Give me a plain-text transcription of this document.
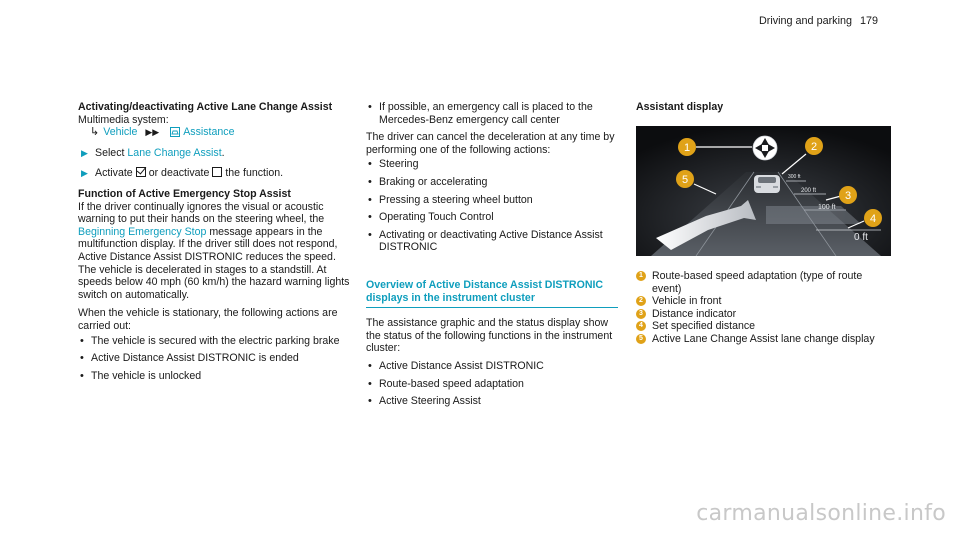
Driving and parking 179

Activating/deactivating Active Lane Change Assist

Multimedia system:

↳ Vehicle ▶▶ Assistance

▶ Select Lane Change Assist.
▶ Activate or deactivate the function.

Function of Active Emergency Stop Assist

If the driver continually ignores the visual or acoustic warning to put their hands on the steering wheel, the Beginning Emergency Stop message appears in the multifunction display. If the driver still does not respond, Active Distance Assist DISTRONIC reduces the speed. The vehicle is decelerated in stages to a standstill. At speeds below 40 mph (60 km/h) the hazard warning lights switch on automatically.

When the vehicle is stationary, the following actions are carried out:

• The vehicle is secured with the electric parking brake
• Active Distance Assist DISTRONIC is ended
• The vehicle is unlocked
• If possible, an emergency call is placed to the Mercedes-Benz emergency call center

The driver can cancel the deceleration at any time by performing one of the following actions:

• Steering
• Braking or accelerating
• Pressing a steering wheel button
• Operating Touch Control
• Activating or deactivating Active Distance Assist DISTRONIC

Overview of Active Distance Assist DISTRONIC displays in the instrument cluster

The assistance graphic and the status display show the status of the following functions in the instrument cluster:

• Active Distance Assist DISTRONIC
• Route-based speed adaptation
• Active Steering Assist

Assistant display

300 ft
200 ft
100 ft
0 ft
1	2
3
4
5
1 Route-based speed adaptation (type of route event)
2 Vehicle in front
3 Distance indicator
4 Set specified distance
5 Active Lane Change Assist lane change display
carmanualsonline.info
